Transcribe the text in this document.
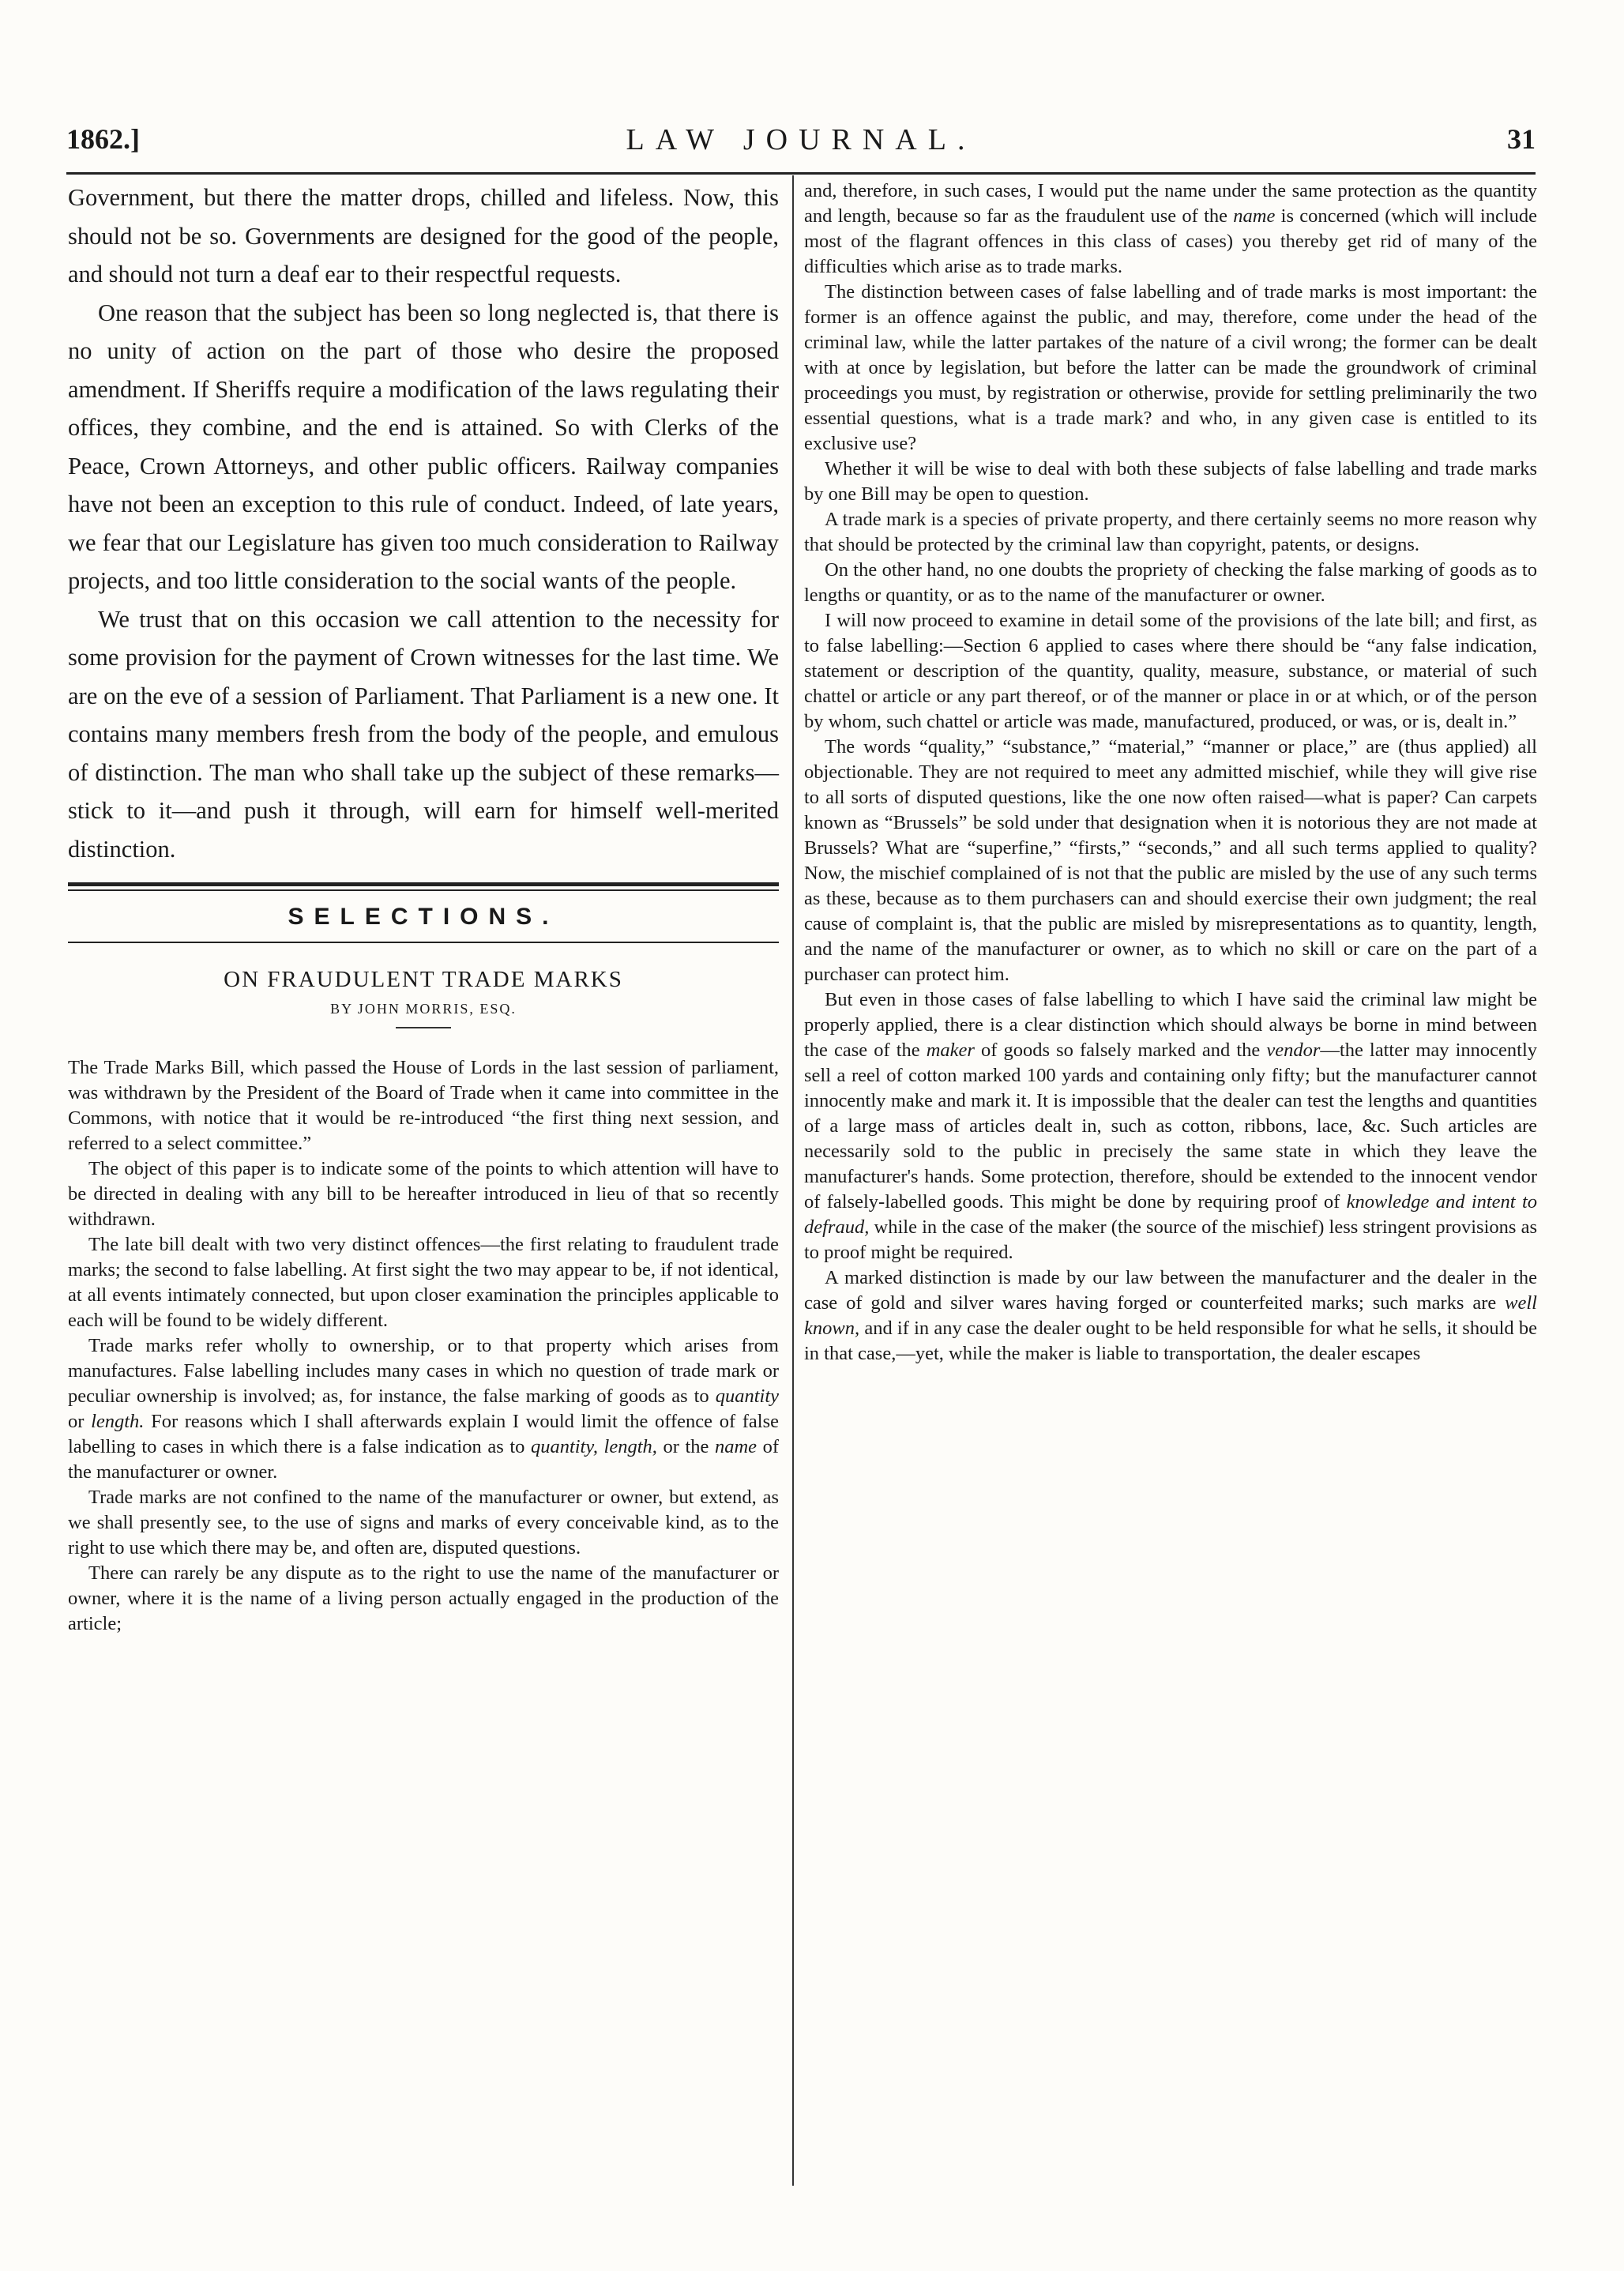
1862.]	LAW JOURNAL.	31

Government, but there the matter drops, chilled and lifeless. Now, this should not be so. Governments are designed for the good of the people, and should not turn a deaf ear to their respectful requests.

One reason that the subject has been so long neglected is, that there is no unity of action on the part of those who desire the proposed amendment. If Sheriffs require a modification of the laws regulating their offices, they combine, and the end is attained. So with Clerks of the Peace, Crown Attorneys, and other public officers. Railway companies have not been an exception to this rule of conduct. Indeed, of late years, we fear that our Legislature has given too much consideration to Railway projects, and too little consideration to the social wants of the people.

We trust that on this occasion we call attention to the necessity for some provision for the payment of Crown witnesses for the last time. We are on the eve of a session of Parliament. That Parliament is a new one. It contains many members fresh from the body of the people, and emulous of distinction. The man who shall take up the subject of these remarks—stick to it—and push it through, will earn for himself well-merited distinction.

SELECTIONS.
ON FRAUDULENT TRADE MARKS
BY JOHN MORRIS, ESQ.

The Trade Marks Bill, which passed the House of Lords in the last session of parliament, was withdrawn by the President of the Board of Trade when it came into committee in the Commons, with notice that it would be re-introduced “the first thing next session, and referred to a select committee.”

The object of this paper is to indicate some of the points to which attention will have to be directed in dealing with any bill to be hereafter introduced in lieu of that so recently withdrawn.

The late bill dealt with two very distinct offences—the first relating to fraudulent trade marks; the second to false labelling. At first sight the two may appear to be, if not identical, at all events intimately connected, but upon closer examination the principles applicable to each will be found to be widely different.

Trade marks refer wholly to ownership, or to that property which arises from manufactures. False labelling includes many cases in which no question of trade mark or peculiar ownership is involved; as, for instance, the false marking of goods as to quantity or length. For reasons which I shall afterwards explain I would limit the offence of false labelling to cases in which there is a false indication as to quantity, length, or the name of the manufacturer or owner.

Trade marks are not confined to the name of the manufacturer or owner, but extend, as we shall presently see, to the use of signs and marks of every conceivable kind, as to the right to use which there may be, and often are, disputed questions.

There can rarely be any dispute as to the right to use the name of the manufacturer or owner, where it is the name of a living person actually engaged in the production of the article;

and, therefore, in such cases, I would put the name under the same protection as the quantity and length, because so far as the fraudulent use of the name is concerned (which will include most of the flagrant offences in this class of cases) you thereby get rid of many of the difficulties which arise as to trade marks.

The distinction between cases of false labelling and of trade marks is most important: the former is an offence against the public, and may, therefore, come under the head of the criminal law, while the latter partakes of the nature of a civil wrong; the former can be dealt with at once by legislation, but before the latter can be made the groundwork of criminal proceedings you must, by registration or otherwise, provide for settling preliminarily the two essential questions, what is a trade mark? and who, in any given case is entitled to its exclusive use?

Whether it will be wise to deal with both these subjects of false labelling and trade marks by one Bill may be open to question.

A trade mark is a species of private property, and there certainly seems no more reason why that should be protected by the criminal law than copyright, patents, or designs.

On the other hand, no one doubts the propriety of checking the false marking of goods as to lengths or quantity, or as to the name of the manufacturer or owner.

I will now proceed to examine in detail some of the provisions of the late bill; and first, as to false labelling:—Section 6 applied to cases where there should be “any false indication, statement or description of the quantity, quality, measure, substance, or material of such chattel or article or any part thereof, or of the manner or place in or at which, or of the person by whom, such chattel or article was made, manufactured, produced, or was, or is, dealt in.”

The words “quality,” “substance,” “material,” “manner or place,” are (thus applied) all objectionable. They are not required to meet any admitted mischief, while they will give rise to all sorts of disputed questions, like the one now often raised—what is paper? Can carpets known as “Brussels” be sold under that designation when it is notorious they are not made at Brussels? What are “superfine,” “firsts,” “seconds,” and all such terms applied to quality? Now, the mischief complained of is not that the public are misled by the use of any such terms as these, because as to them purchasers can and should exercise their own judgment; the real cause of complaint is, that the public are misled by misrepresentations as to quantity, length, and the name of the manufacturer or owner, as to which no skill or care on the part of a purchaser can protect him.

But even in those cases of false labelling to which I have said the criminal law might be properly applied, there is a clear distinction which should always be borne in mind between the case of the maker of goods so falsely marked and the vendor—the latter may innocently sell a reel of cotton marked 100 yards and containing only fifty; but the manufacturer cannot innocently make and mark it. It is impossible that the dealer can test the lengths and quantities of a large mass of articles dealt in, such as cotton, ribbons, lace, &c. Such articles are necessarily sold to the public in precisely the same state in which they leave the manufacturer's hands. Some protection, therefore, should be extended to the innocent vendor of falsely-labelled goods. This might be done by requiring proof of knowledge and intent to defraud, while in the case of the maker (the source of the mischief) less stringent provisions as to proof might be required.

A marked distinction is made by our law between the manufacturer and the dealer in the case of gold and silver wares having forged or counterfeited marks; such marks are well known, and if in any case the dealer ought to be held responsible for what he sells, it should be in that case,—yet, while the maker is liable to transportation, the dealer escapes
